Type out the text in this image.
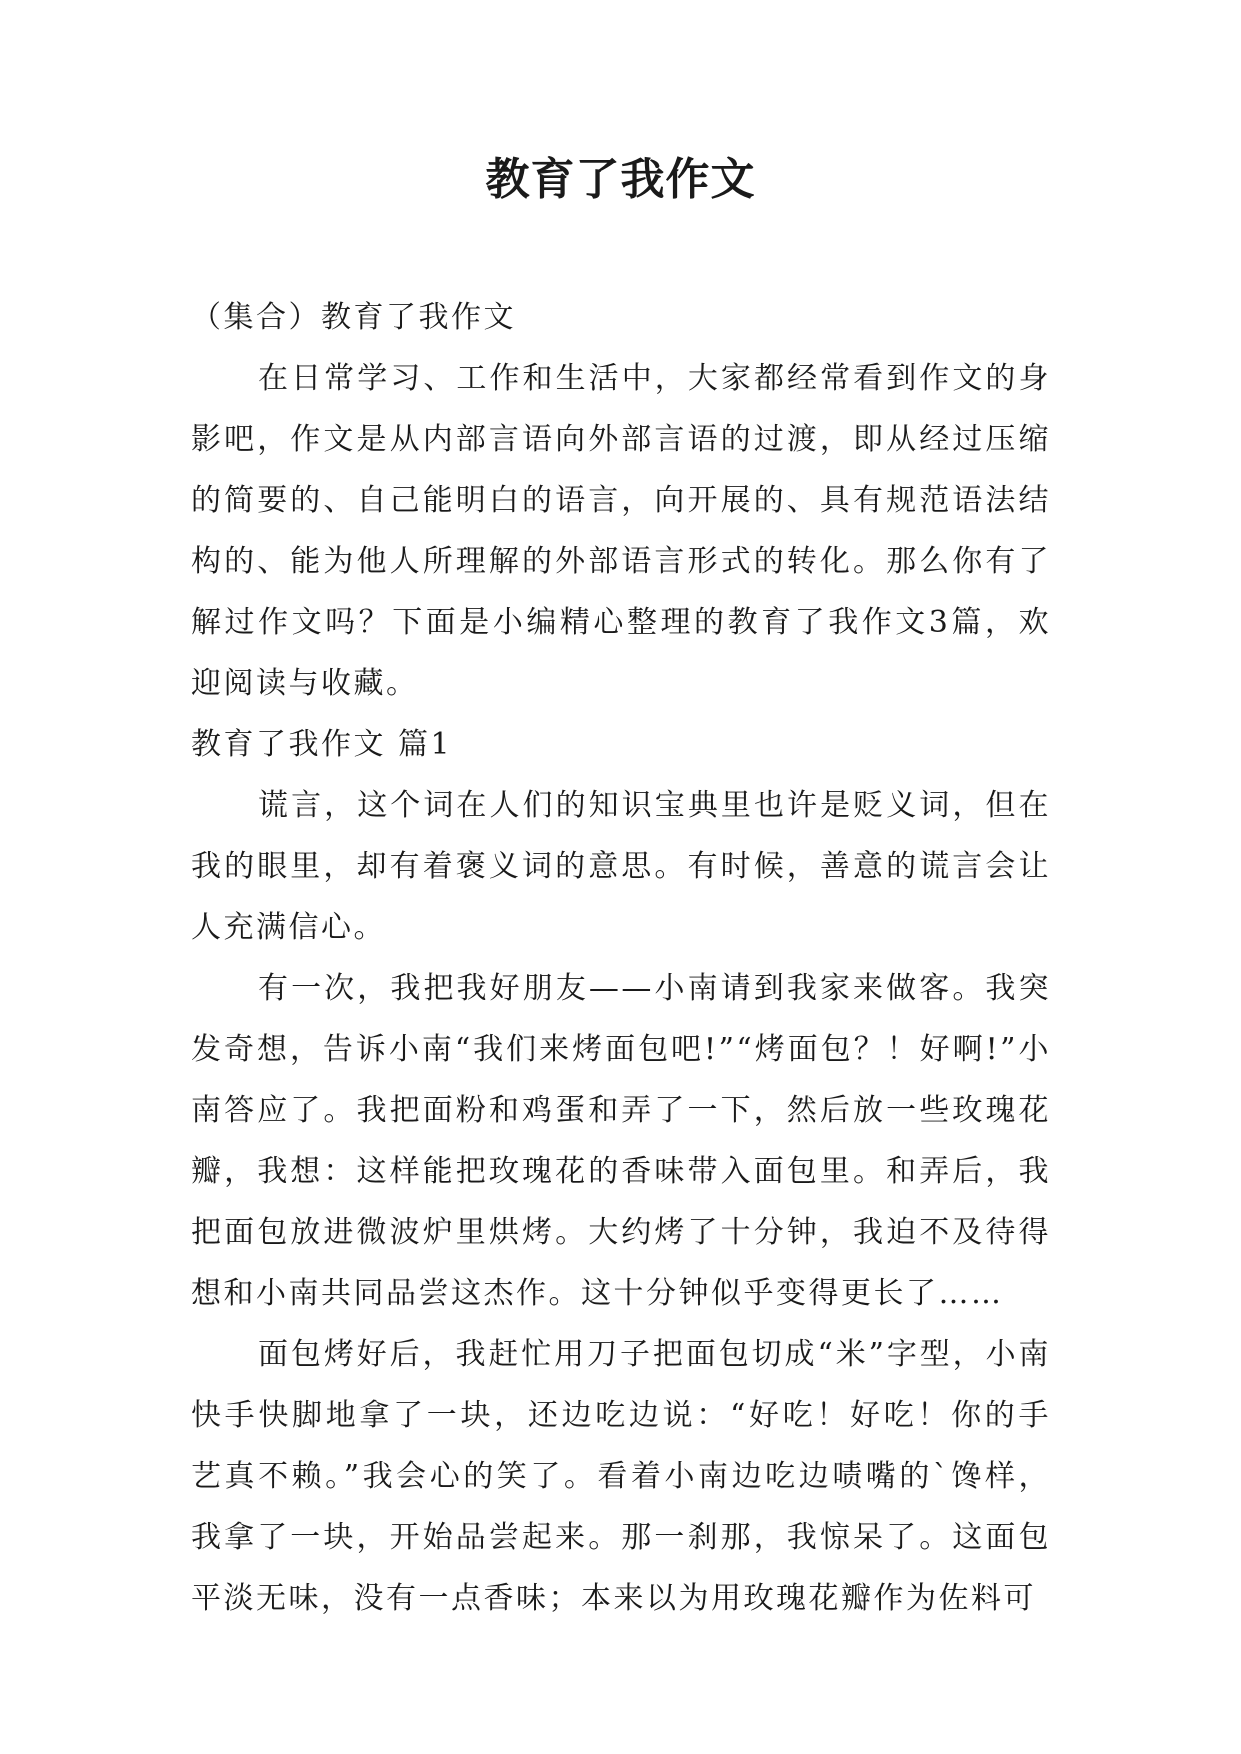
教育了我作文

（集合）教育了我作文

在日常学习、工作和生活中，大家都经常看到作文的身影吧，作文是从内部言语向外部言语的过渡，即从经过压缩的简要的、自己能明白的语言，向开展的、具有规范语法结构的、能为他人所理解的外部语言形式的转化。那么你有了解过作文吗？下面是小编精心整理的教育了我作文3篇，欢迎阅读与收藏。

教育了我作文 篇1

谎言，这个词在人们的知识宝典里也许是贬义词，但在我的眼里，却有着褒义词的意思。有时候，善意的谎言会让人充满信心。

有一次，我把我好朋友——小南请到我家来做客。我突发奇想，告诉小南“我们来烤面包吧!”“烤面包？！好啊!”小南答应了。我把面粉和鸡蛋和弄了一下，然后放一些玫瑰花瓣，我想：这样能把玫瑰花的香味带入面包里。和弄后，我把面包放进微波炉里烘烤。大约烤了十分钟，我迫不及待得想和小南共同品尝这杰作。这十分钟似乎变得更长了……

面包烤好后，我赶忙用刀子把面包切成“米”字型，小南快手快脚地拿了一块，还边吃边说：“好吃！好吃！你的手艺真不赖。”我会心的笑了。看着小南边吃边啧嘴的`馋样，我拿了一块，开始品尝起来。那一刹那，我惊呆了。这面包平淡无味，没有一点香味；本来以为用玫瑰花瓣作为佐料可
